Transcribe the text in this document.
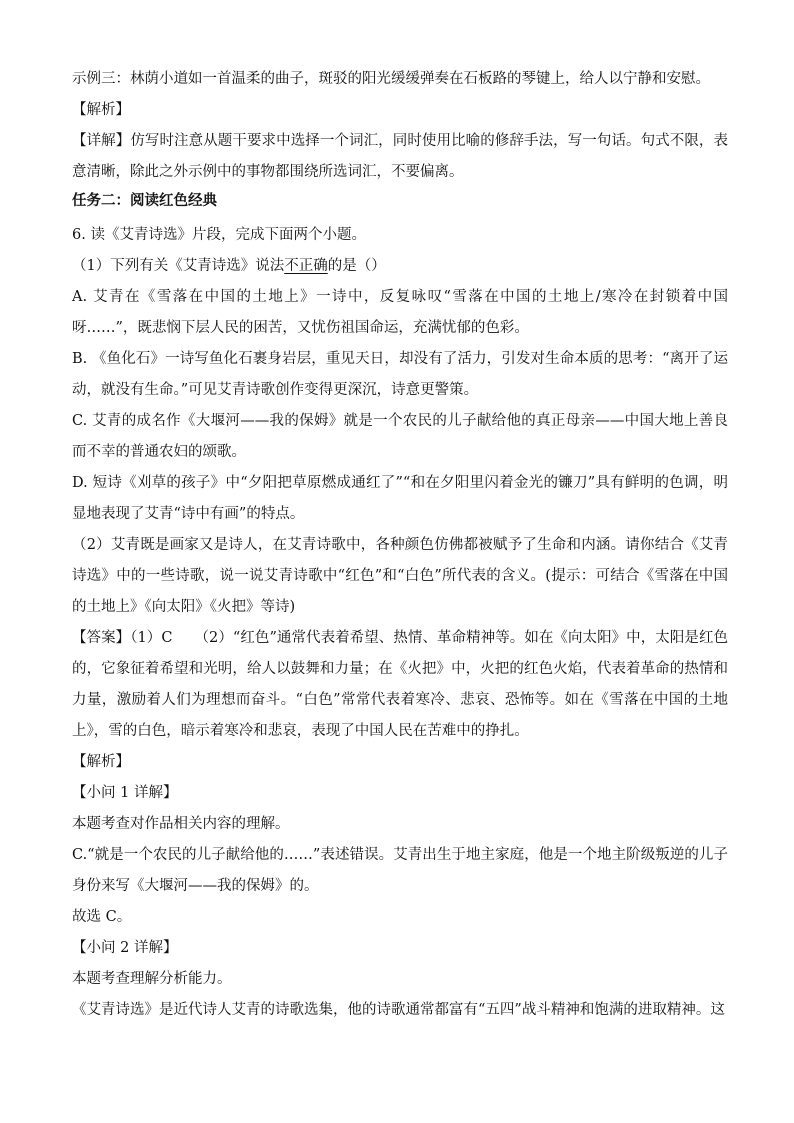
示例三：林荫小道如一首温柔的曲子，斑驳的阳光缓缓弹奏在石板路的琴键上，给人以宁静和安慰。

【解析】

【详解】仿写时注意从题干要求中选择一个词汇，同时使用比喻的修辞手法，写一句话。句式不限，表意清晰，除此之外示例中的事物都围绕所选词汇，不要偏离。

任务二：阅读红色经典

6. 读《艾青诗选》片段，完成下面两个小题。

（1）下列有关《艾青诗选》说法不正确的是（）

A. 艾青在《雪落在中国的土地上》一诗中，反复咏叹“雪落在中国的土地上/寒冷在封锁着中国呀……”，既悲悯下层人民的困苦，又忧伤祖国命运，充满忧郁的色彩。

B. 《鱼化石》一诗写鱼化石裹身岩层，重见天日，却没有了活力，引发对生命本质的思考：“离开了运动，就没有生命。”可见艾青诗歌创作变得更深沉，诗意更警策。

C. 艾青的成名作《大堰河——我的保姆》就是一个农民的儿子献给他的真正母亲——中国大地上善良而不幸的普通农妇的颂歌。

D. 短诗《刈草的孩子》中“夕阳把草原燃成通红了”“和在夕阳里闪着金光的镰刀”具有鲜明的色调，明显地表现了艾青“诗中有画”的特点。

（2）艾青既是画家又是诗人，在艾青诗歌中，各种颜色仿佛都被赋予了生命和内涵。请你结合《艾青诗选》中的一些诗歌，说一说艾青诗歌中“红色”和“白色”所代表的含义。(提示：可结合《雪落在中国的土地上》《向太阳》《火把》等诗)

【答案】（1）C （2）“红色”通常代表着希望、热情、革命精神等。如在《向太阳》中，太阳是红色的，它象征着希望和光明，给人以鼓舞和力量；在《火把》中，火把的红色火焰，代表着革命的热情和力量，激励着人们为理想而奋斗。“白色”常常代表着寒冷、悲哀、恐怖等。如在《雪落在中国的土地上》，雪的白色，暗示着寒冷和悲哀，表现了中国人民在苦难中的挣扎。

【解析】

【小问 1 详解】

本题考查对作品相关内容的理解。

C.“就是一个农民的儿子献给他的……”表述错误。艾青出生于地主家庭，他是一个地主阶级叛逆的儿子身份来写《大堰河——我的保姆》的。

故选 C。

【小问 2 详解】

本题考查理解分析能力。

《艾青诗选》是近代诗人艾青的诗歌选集，他的诗歌通常都富有“五四”战斗精神和饱满的进取精神。这
